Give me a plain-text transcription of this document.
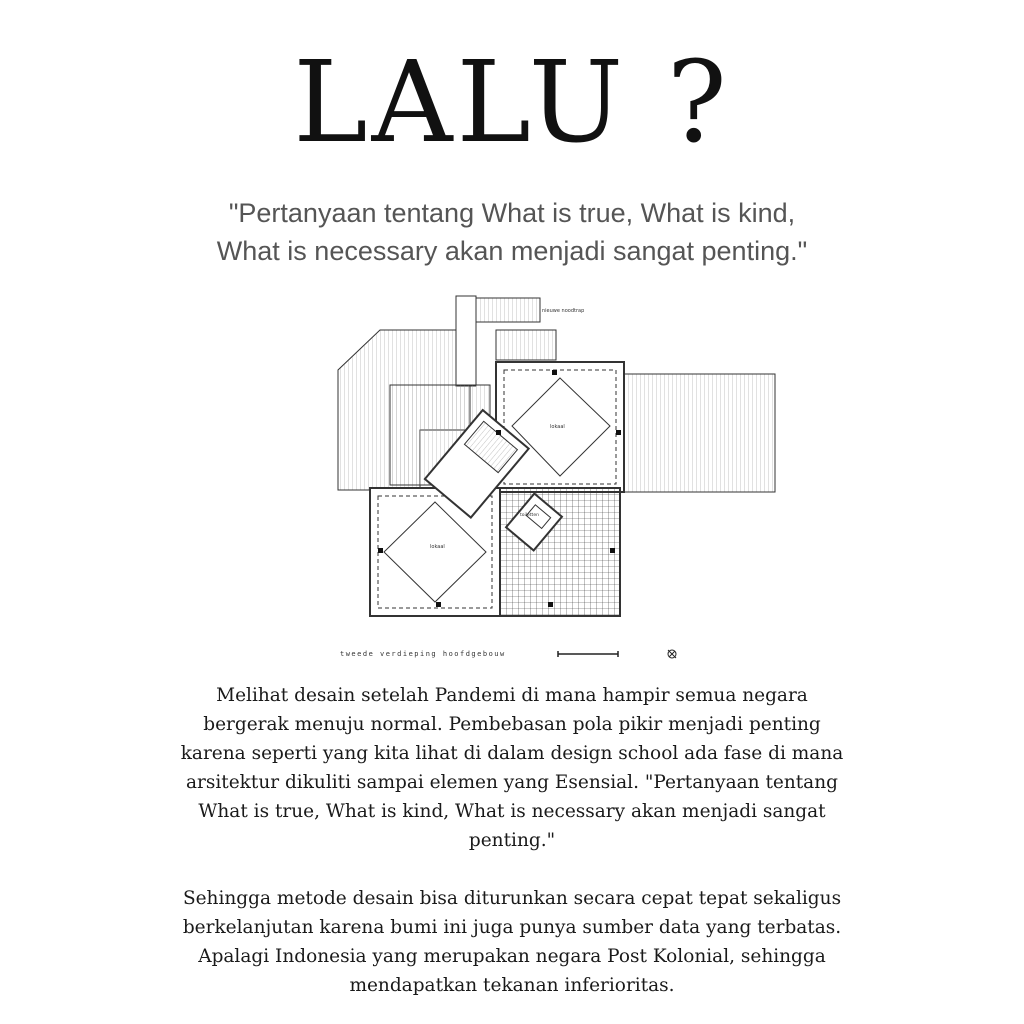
LALU ?
"Pertanyaan tentang What is true, What is kind,
What is necessary akan menjadi sangat penting."
nieuwe noodtrap
lokaal
lokaal
toiletten
tweede verdieping hoofdgebouw
Melihat desain setelah Pandemi di mana hampir semua negara
bergerak menuju normal. Pembebasan pola pikir menjadi penting
karena seperti yang kita lihat di dalam design school ada fase di mana
arsitektur dikuliti sampai elemen yang Esensial. "Pertanyaan tentang
What is true, What is kind, What is necessary akan menjadi sangat
penting."
Sehingga metode desain bisa diturunkan secara cepat tepat sekaligus
berkelanjutan karena bumi ini juga punya sumber data yang terbatas.
Apalagi Indonesia yang merupakan negara Post Kolonial, sehingga
mendapatkan tekanan inferioritas.
